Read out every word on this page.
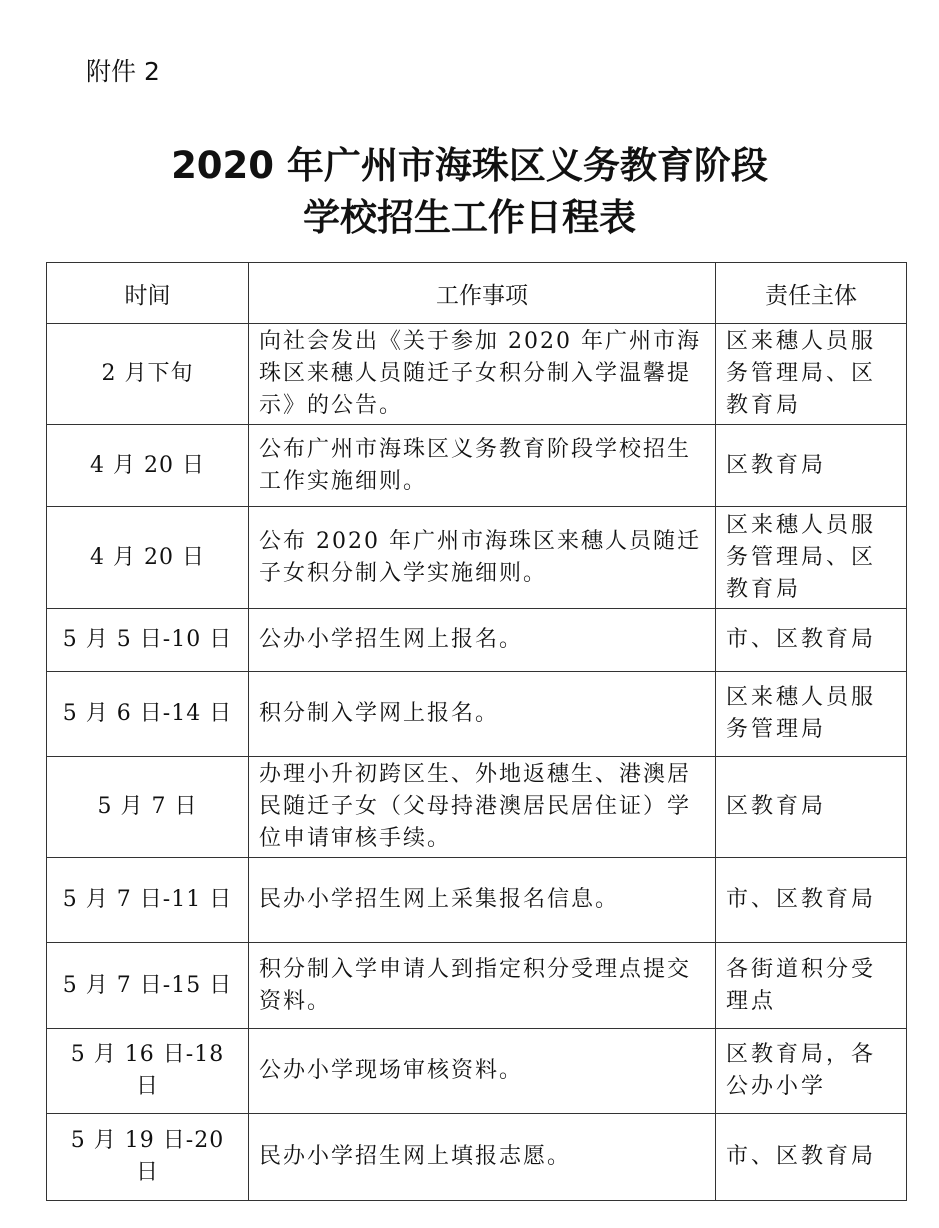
附件 2
2020 年广州市海珠区义务教育阶段
学校招生工作日程表
时间	工作事项	责任主体
2 月下旬	向社会发出《关于参加 2020 年广州市海珠区来穗人员随迁子女积分制入学温馨提示》的公告。	区来穗人员服务管理局、区教育局
4 月 20 日	公布广州市海珠区义务教育阶段学校招生工作实施细则。	区教育局
4 月 20 日	公布 2020 年广州市海珠区来穗人员随迁子女积分制入学实施细则。	区来穗人员服务管理局、区教育局
5 月 5 日-10 日	公办小学招生网上报名。	市、区教育局
5 月 6 日-14 日	积分制入学网上报名。	区来穗人员服务管理局
5 月 7 日	办理小升初跨区生、外地返穗生、港澳居民随迁子女（父母持港澳居民居住证）学位申请审核手续。	区教育局
5 月 7 日-11 日	民办小学招生网上采集报名信息。	市、区教育局
5 月 7 日-15 日	积分制入学申请人到指定积分受理点提交资料。	各街道积分受理点
5 月 16 日-18 日	公办小学现场审核资料。	区教育局，各公办小学
5 月 19 日-20 日	民办小学招生网上填报志愿。	市、区教育局
